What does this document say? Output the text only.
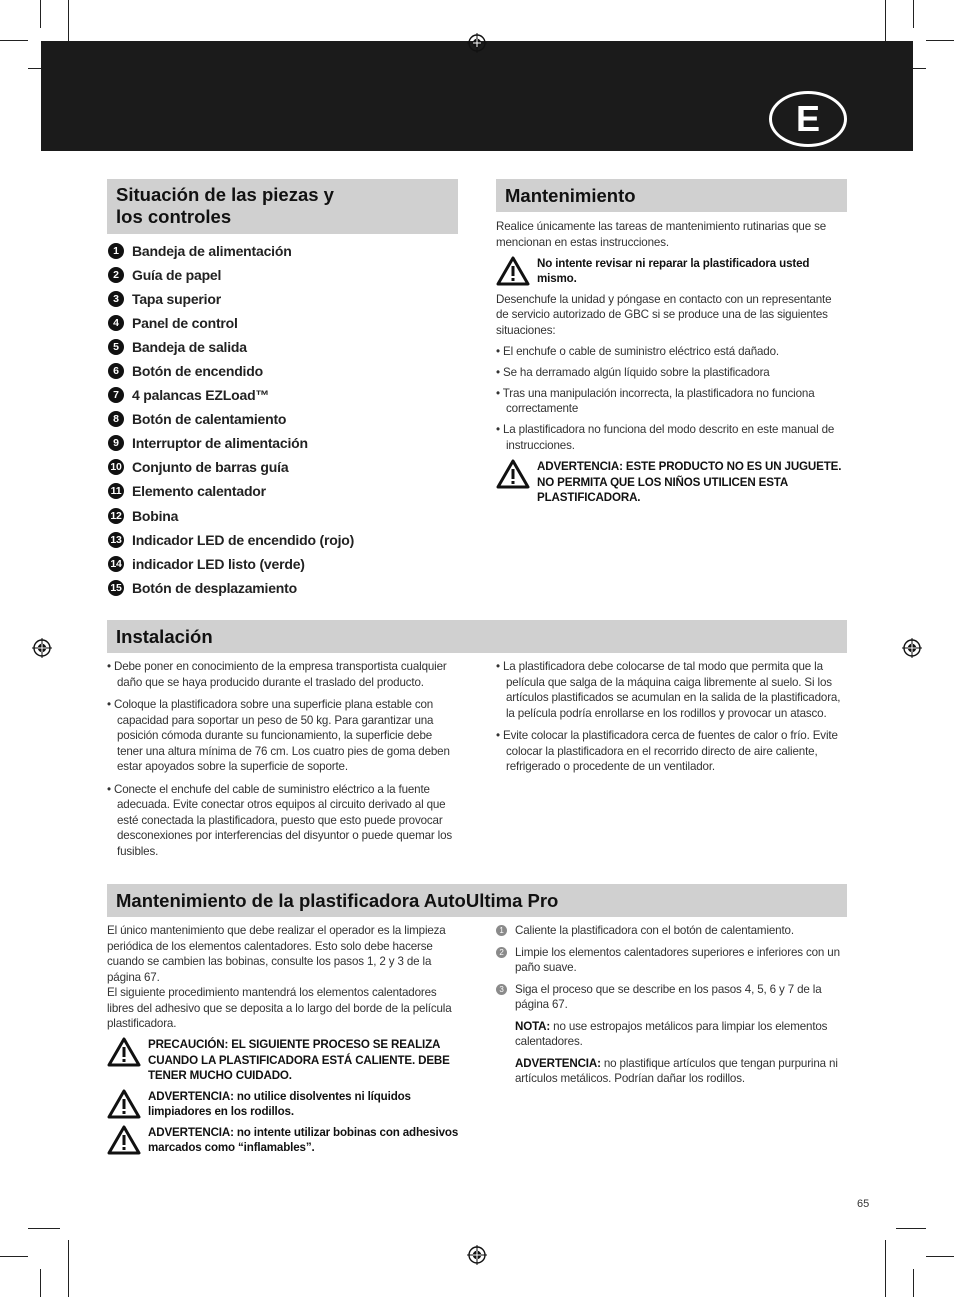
E
Situación de las piezas y
los controles
1 Bandeja de alimentación
2 Guía de papel
3 Tapa superior
4 Panel de control
5 Bandeja de salida
6 Botón de encendido
7 4 palancas EZLoad™
8 Botón de calentamiento
9 Interruptor de alimentación
10 Conjunto de barras guía
11 Elemento calentador
12 Bobina
13 Indicador LED de encendido (rojo)
14 indicador LED listo (verde)
15 Botón de desplazamiento
Mantenimiento

Realice únicamente las tareas de mantenimiento rutinarias que se mencionan en estas instrucciones.

No intente revisar ni reparar la plastificadora usted mismo.

Desenchufe la unidad y póngase en contacto con un representante de servicio autorizado de GBC si se produce una de las siguientes situaciones:

• El enchufe o cable de suministro eléctrico está dañado.

• Se ha derramado algún líquido sobre la plastificadora

• Tras una manipulación incorrecta, la plastificadora no funciona correctamente

• La plastificadora no funciona del modo descrito en este manual de instrucciones.

ADVERTENCIA: ESTE PRODUCTO NO ES UN JUGUETE. NO PERMITA QUE LOS NIÑOS UTILICEN ESTA PLASTIFICADORA.
Instalación

• Debe poner en conocimiento de la empresa transportista cualquier daño que se haya producido durante el traslado del producto.

• Coloque la plastificadora sobre una superficie plana estable con capacidad para soportar un peso de 50 kg. Para garantizar una posición cómoda durante su funcionamiento, la superficie debe tener una altura mínima de 76 cm. Los cuatro pies de goma deben estar apoyados sobre la superficie de soporte.

• Conecte el enchufe del cable de suministro eléctrico a la fuente adecuada. Evite conectar otros equipos al circuito derivado al que esté conectada la plastificadora, puesto que esto puede provocar desconexiones por interferencias del disyuntor o puede quemar los fusibles.

• La plastificadora debe colocarse de tal modo que permita que la película que salga de la máquina caiga libremente al suelo. Si los artículos plastificados se acumulan en la salida de la plastificadora, la película podría enrollarse en los rodillos y provocar un atasco.

• Evite colocar la plastificadora cerca de fuentes de calor o frío. Evite colocar la plastificadora en el recorrido directo de aire caliente, refrigerado o procedente de un ventilador.

Mantenimiento de la plastificadora AutoUltima Pro

El único mantenimiento que debe realizar el operador es la limpieza periódica de los elementos calentadores. Esto solo debe hacerse cuando se cambien las bobinas, consulte los pasos 1, 2 y 3 de la página 67.

El siguiente procedimiento mantendrá los elementos calentadores libres del adhesivo que se deposita a lo largo del borde de la película plastificadora.

PRECAUCIÓN: EL SIGUIENTE PROCESO SE REALIZA CUANDO LA PLASTIFICADORA ESTÁ CALIENTE. DEBE TENER MUCHO CUIDADO.
ADVERTENCIA: no utilice disolventes ni líquidos limpiadores en los rodillos.
ADVERTENCIA: no intente utilizar bobinas con adhesivos marcados como “inflamables”.
1 Caliente la plastificadora con el botón de calentamiento.
2 Limpie los elementos calentadores superiores e inferiores con un paño suave.
3 Siga el proceso que se describe en los pasos 4, 5, 6 y 7 de la página 67.

NOTA: no use estropajos metálicos para limpiar los elementos calentadores.

ADVERTENCIA: no plastifique artículos que tengan purpurina ni artículos metálicos. Podrían dañar los rodillos.

65
